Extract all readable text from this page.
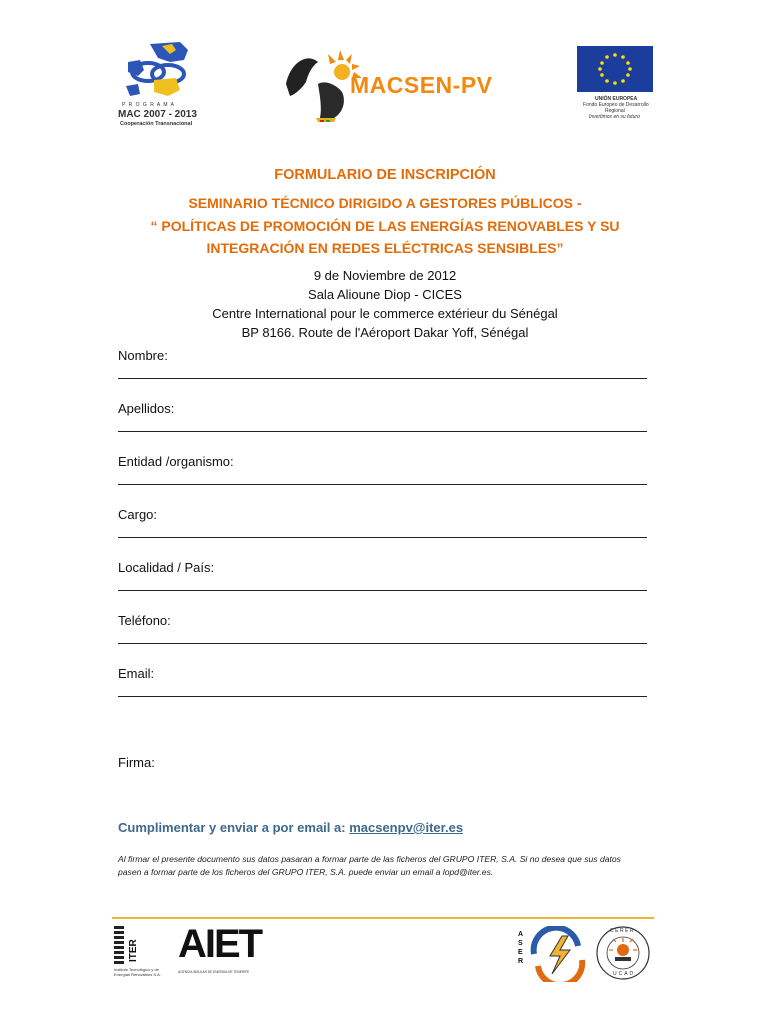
P R O G R A M A
MAC 2007 - 2013
Cooperación Transnacional
MACSEN-PV
UNIÓN EUROPEA
Fondo Europeo de Desarrollo
Regional
Invertimos en su futuro
FORMULARIO DE INSCRIPCIÓN
SEMINARIO TÉCNICO DIRIGIDO A GESTORES PÚBLICOS -
“ POLÍTICAS DE PROMOCIÓN DE LAS ENERGÍAS RENOVABLES Y SU
INTEGRACIÓN EN REDES ELÉCTRICAS SENSIBLES”
9 de Noviembre de 2012
Sala Alioune Diop - CICES
Centre International pour le commerce extérieur du Sénégal
BP 8166. Route de l'Aéroport Dakar Yoff, Sénégal
Nombre:
Apellidos:
Entidad /organismo:
Cargo:
Localidad / País:
Teléfono:
Email:
Firma:
Cumplimentar y enviar a por email a: macsenpv@iter.es
Al firmar el presente documento sus datos pasaran a formar parte de las ficheros del GRUPO ITER, S.A. Si no desea que sus datos
pasen a formar parte de los ficheros del GRUPO ITER, S.A. puede enviar un email a lopd@iter.es.
ITER
Instituto Tecnológico y de
Energías Renovables S.A.
AIET
AGENCIA INSULAR DE ENERGÍA DE TENERIFE
ASER
CERER
UCAD
